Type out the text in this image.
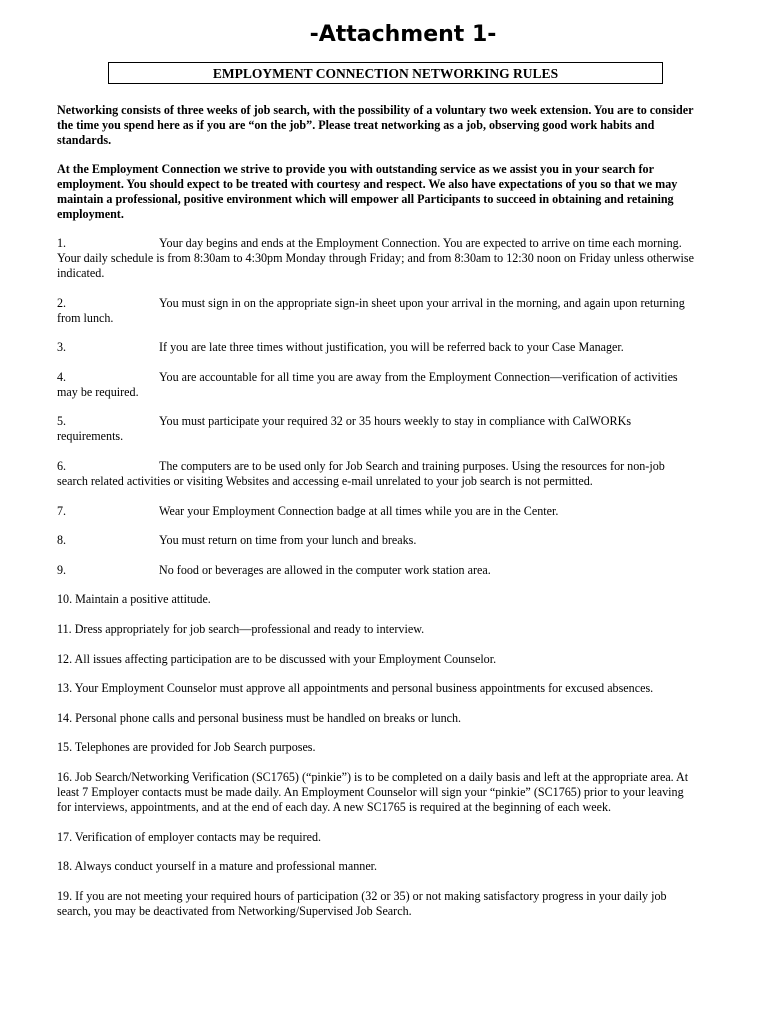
-Attachment 1-
EMPLOYMENT CONNECTION NETWORKING RULES

Networking consists of three weeks of job search, with the possibility of a voluntary two week extension. You are to consider the time you spend here as if you are “on the job”. Please treat networking as a job, observing good work habits and standards.

At the Employment Connection we strive to provide you with outstanding service as we assist you in your search for employment. You should expect to be treated with courtesy and respect. We also have expectations of you so that we may maintain a professional, positive environment which will empower all Participants to succeed in obtaining and retaining employment.

1.	Your day begins and ends at the Employment Connection. You are expected to arrive on time each morning. Your daily schedule is from 8:30am to 4:30pm Monday through Friday; and from 8:30am to 12:30 noon on Friday unless otherwise indicated.
2.	You must sign in on the appropriate sign-in sheet upon your arrival in the morning, and again upon returning from lunch.
3.	If you are late three times without justification, you will be referred back to your Case Manager.
4.	You are accountable for all time you are away from the Employment Connection—verification of activities may be required.
5.	You must participate your required 32 or 35 hours weekly to stay in compliance with CalWORKs requirements.
6.	The computers are to be used only for Job Search and training purposes. Using the resources for non-job search related activities or visiting Websites and accessing e-mail unrelated to your job search is not permitted.
7.	Wear your Employment Connection badge at all times while you are in the Center.
8.	You must return on time from your lunch and breaks.
9.	No food or beverages are allowed in the computer work station area.
10. Maintain a positive attitude.
11. Dress appropriately for job search—professional and ready to interview.
12. All issues affecting participation are to be discussed with your Employment Counselor.
13. Your Employment Counselor must approve all appointments and personal business appointments for excused absences.
14. Personal phone calls and personal business must be handled on breaks or lunch.
15. Telephones are provided for Job Search purposes.
16. Job Search/Networking Verification (SC1765) (“pinkie”) is to be completed on a daily basis and left at the appropriate area. At least 7 Employer contacts must be made daily. An Employment Counselor will sign your “pinkie” (SC1765) prior to your leaving for interviews, appointments, and at the end of each day. A new SC1765 is required at the beginning of each week.
17. Verification of employer contacts may be required.
18. Always conduct yourself in a mature and professional manner.
19. If you are not meeting your required hours of participation (32 or 35) or not making satisfactory progress in your daily job search, you may be deactivated from Networking/Supervised Job Search.
